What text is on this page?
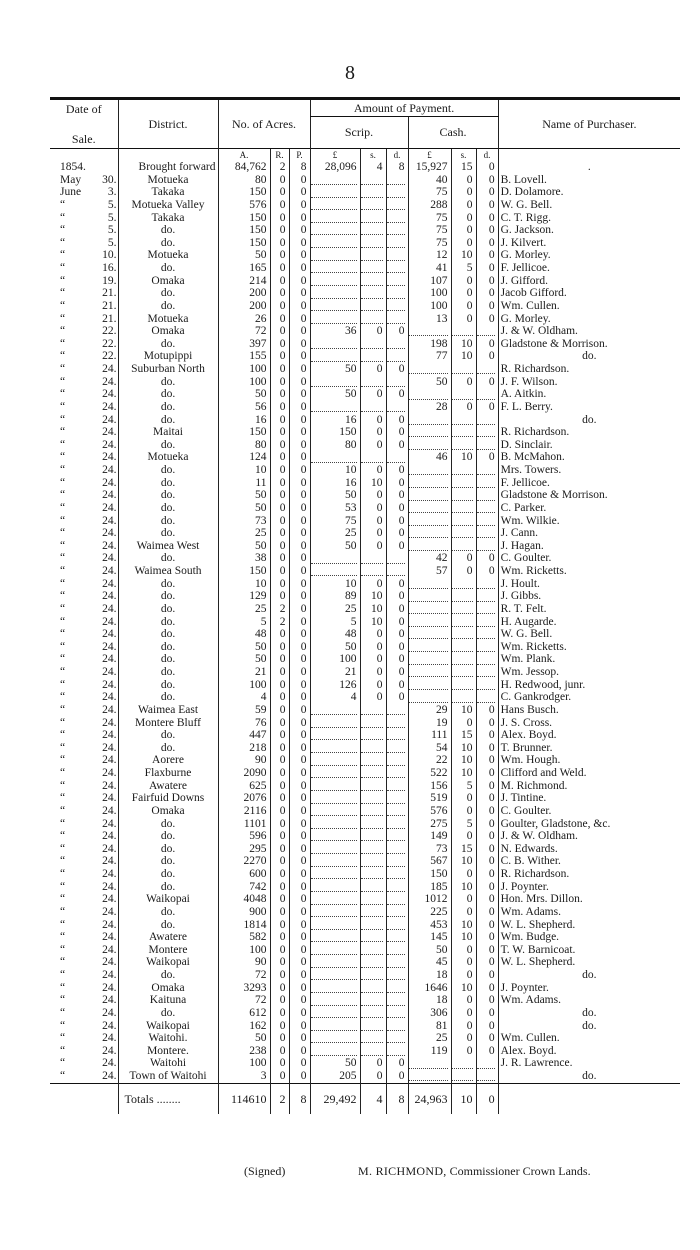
8
Date of

Sale.		District.	No. of Acres.			Amount of Payment.						Name of Purchaser.
						Scrip.			Cash.			
			A.	R.	P.	£	s.	d.	£	s.	d.	
1854.		Brought forward	84,762	2	8	28,096	4	8	15,927	15	0	.
May	30.	Motueka	80	0	0				40	0	0	B. Lovell.
June	3.	Takaka	150	0	0				75	0	0	D. Dolamore.
“	5.	Motueka Valley	576	0	0				288	0	0	W. G. Bell.
“	5.	Takaka	150	0	0				75	0	0	C. T. Rigg.
“	5.	do.	150	0	0				75	0	0	G. Jackson.
“	5.	do.	150	0	0				75	0	0	J. Kilvert.
“	10.	Motueka	50	0	0				12	10	0	G. Morley.
“	16.	do.	165	0	0				41	5	0	F. Jellicoe.
“	19.	Omaka	214	0	0				107	0	0	J. Gifford.
“	21.	do.	200	0	0				100	0	0	Jacob Gifford.
“	21.	do.	200	0	0				100	0	0	Wm. Cullen.
“	21.	Motueka	26	0	0				13	0	0	G. Morley.
“	22.	Omaka	72	0	0	36	0	0				J. & W. Oldham.
“	22.	do.	397	0	0				198	10	0	Gladstone & Morrison.
“	22.	Motupippi	155	0	0				77	10	0	do.
“	24.	Suburban North	100	0	0	50	0	0				R. Richardson.
“	24.	do.	100	0	0				50	0	0	J. F. Wilson.
“	24.	do.	50	0	0	50	0	0				A. Aitkin.
“	24.	do.	56	0	0				28	0	0	F. L. Berry.
“	24.	do.	16	0	0	16	0	0				do.
“	24.	Maitai	150	0	0	150	0	0				R. Richardson.
“	24.	do.	80	0	0	80	0	0				D. Sinclair.
“	24.	Motueka	124	0	0				46	10	0	B. McMahon.
“	24.	do.	10	0	0	10	0	0				Mrs. Towers.
“	24.	do.	11	0	0	16	10	0				F. Jellicoe.
“	24.	do.	50	0	0	50	0	0				Gladstone & Morrison.
“	24.	do.	50	0	0	53	0	0				C. Parker.
“	24.	do.	73	0	0	75	0	0				Wm. Wilkie.
“	24.	do.	25	0	0	25	0	0				J. Cann.
“	24.	Waimea West	50	0	0	50	0	0				J. Hagan.
“	24.	do.	38	0	0				42	0	0	C. Goulter.
“	24.	Waimea South	150	0	0				57	0	0	Wm. Ricketts.
“	24.	do.	10	0	0	10	0	0				J. Hoult.
“	24.	do.	129	0	0	89	10	0				J. Gibbs.
“	24.	do.	25	2	0	25	10	0				R. T. Felt.
“	24.	do.	5	2	0	5	10	0				H. Augarde.
“	24.	do.	48	0	0	48	0	0				W. G. Bell.
“	24.	do.	50	0	0	50	0	0				Wm. Ricketts.
“	24.	do.	50	0	0	100	0	0				Wm. Plank.
“	24.	do.	21	0	0	21	0	0				Wm. Jessop.
“	24.	do.	100	0	0	126	0	0				H. Redwood, junr.
“	24.	do.	4	0	0	4	0	0				C. Gankrodger.
“	24.	Waimea East	59	0	0				29	10	0	Hans Busch.
“	24.	Montere Bluff	76	0	0				19	0	0	J. S. Cross.
“	24.	do.	447	0	0				111	15	0	Alex. Boyd.
“	24.	do.	218	0	0				54	10	0	T. Brunner.
“	24.	Aorere	90	0	0				22	10	0	Wm. Hough.
“	24.	Flaxburne	2090	0	0				522	10	0	Clifford and Weld.
“	24.	Awatere	625	0	0				156	5	0	M. Richmond.
“	24.	Fairfuid Downs	2076	0	0				519	0	0	J. Tintine.
“	24.	Omaka	2116	0	0				576	0	0	C. Goulter.
“	24.	do.	1101	0	0				275	5	0	Goulter, Gladstone, &c.
“	24.	do.	596	0	0				149	0	0	J. & W. Oldham.
“	24.	do.	295	0	0				73	15	0	N. Edwards.
“	24.	do.	2270	0	0				567	10	0	C. B. Wither.
“	24.	do.	600	0	0				150	0	0	R. Richardson.
“	24.	do.	742	0	0				185	10	0	J. Poynter.
“	24.	Waikopai	4048	0	0				1012	0	0	Hon. Mrs. Dillon.
“	24.	do.	900	0	0				225	0	0	Wm. Adams.
“	24.	do.	1814	0	0				453	10	0	W. L. Shepherd.
“	24.	Awatere	582	0	0				145	10	0	Wm. Budge.
“	24.	Montere	100	0	0				50	0	0	T. W. Barnicoat.
“	24.	Waikopai	90	0	0				45	0	0	W. L. Shepherd.
“	24.	do.	72	0	0				18	0	0	do.
“	24.	Omaka	3293	0	0				1646	10	0	J. Poynter.
“	24.	Kaituna	72	0	0				18	0	0	Wm. Adams.
“	24.	do.	612	0	0				306	0	0	do.
“	24.	Waikopai	162	0	0				81	0	0	do.
“	24.	Waitohi.	50	0	0				25	0	0	Wm. Cullen.
“	24.	Montere.	238	0	0				119	0	0	Alex. Boyd.
“	24.	Waitohi	100	0	0	50	0	0				J. R. Lawrence.
“	24.	Town of Waitohi	3	0	0	205	0	0				do.
		Totals ........	114610	2	8	29,492	4	8	24,963	10	0	
(Signed)	M. RICHMOND, Commissioner Crown Lands.
